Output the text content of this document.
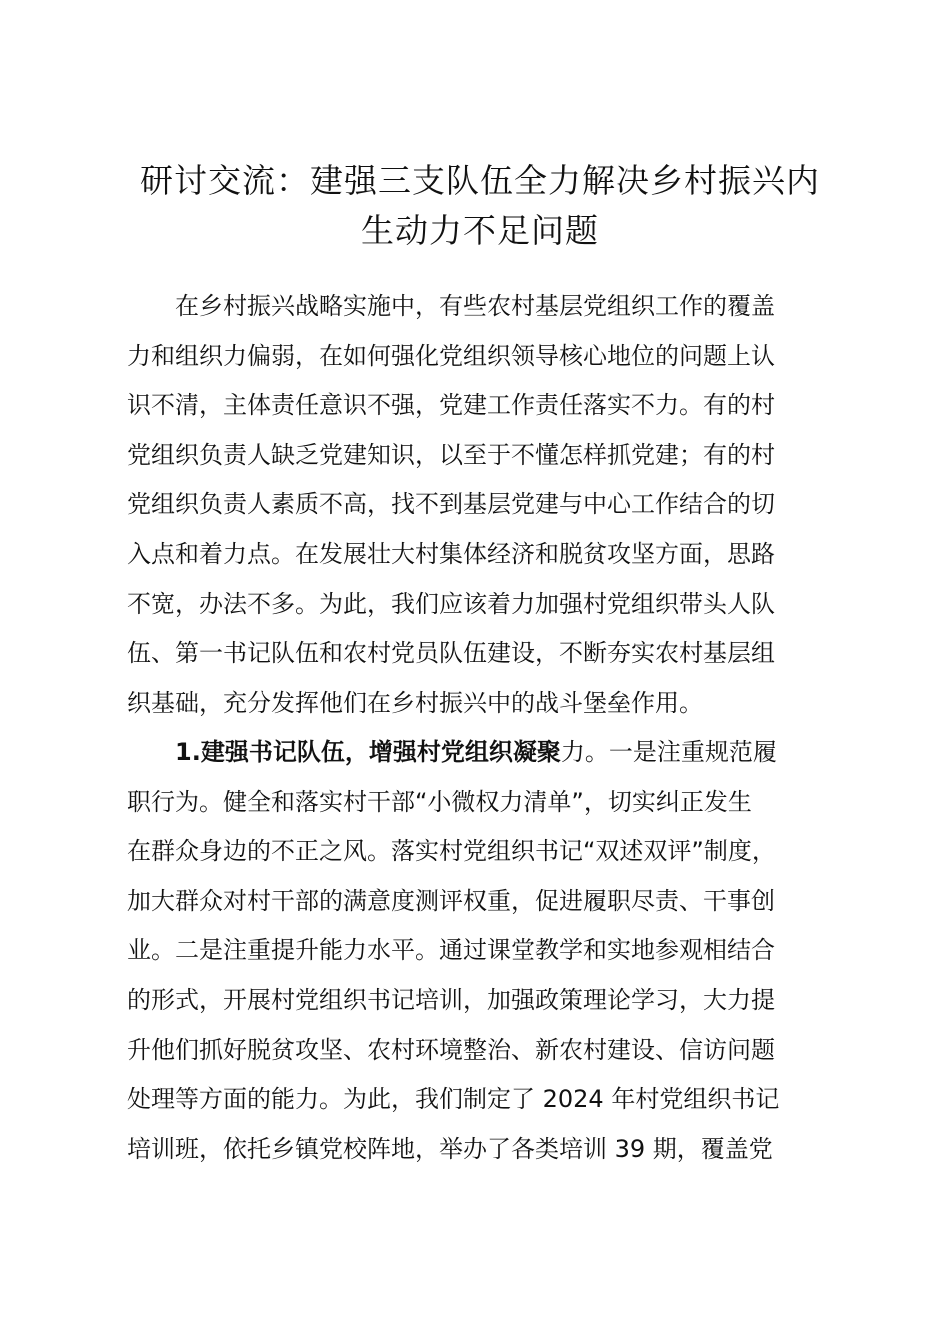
研讨交流：建强三支队伍全力解决乡村振兴内
生动力不足问题
在乡村振兴战略实施中，有些农村基层党组织工作的覆盖
力和组织力偏弱，在如何强化党组织领导核心地位的问题上认
识不清，主体责任意识不强，党建工作责任落实不力。有的村
党组织负责人缺乏党建知识，以至于不懂怎样抓党建；有的村
党组织负责人素质不高，找不到基层党建与中心工作结合的切
入点和着力点。在发展壮大村集体经济和脱贫攻坚方面，思路
不宽，办法不多。为此，我们应该着力加强村党组织带头人队
伍、第一书记队伍和农村党员队伍建设，不断夯实农村基层组
织基础，充分发挥他们在乡村振兴中的战斗堡垒作用。
1.建强书记队伍，增强村党组织凝聚力。一是注重规范履
职行为。健全和落实村干部“小微权力清单”，切实纠正发生
在群众身边的不正之风。落实村党组织书记“双述双评”制度，
加大群众对村干部的满意度测评权重，促进履职尽责、干事创
业。二是注重提升能力水平。通过课堂教学和实地参观相结合
的形式，开展村党组织书记培训，加强政策理论学习，大力提
升他们抓好脱贫攻坚、农村环境整治、新农村建设、信访问题
处理等方面的能力。为此，我们制定了 2024 年村党组织书记
培训班，依托乡镇党校阵地，举办了各类培训 39 期，覆盖党
